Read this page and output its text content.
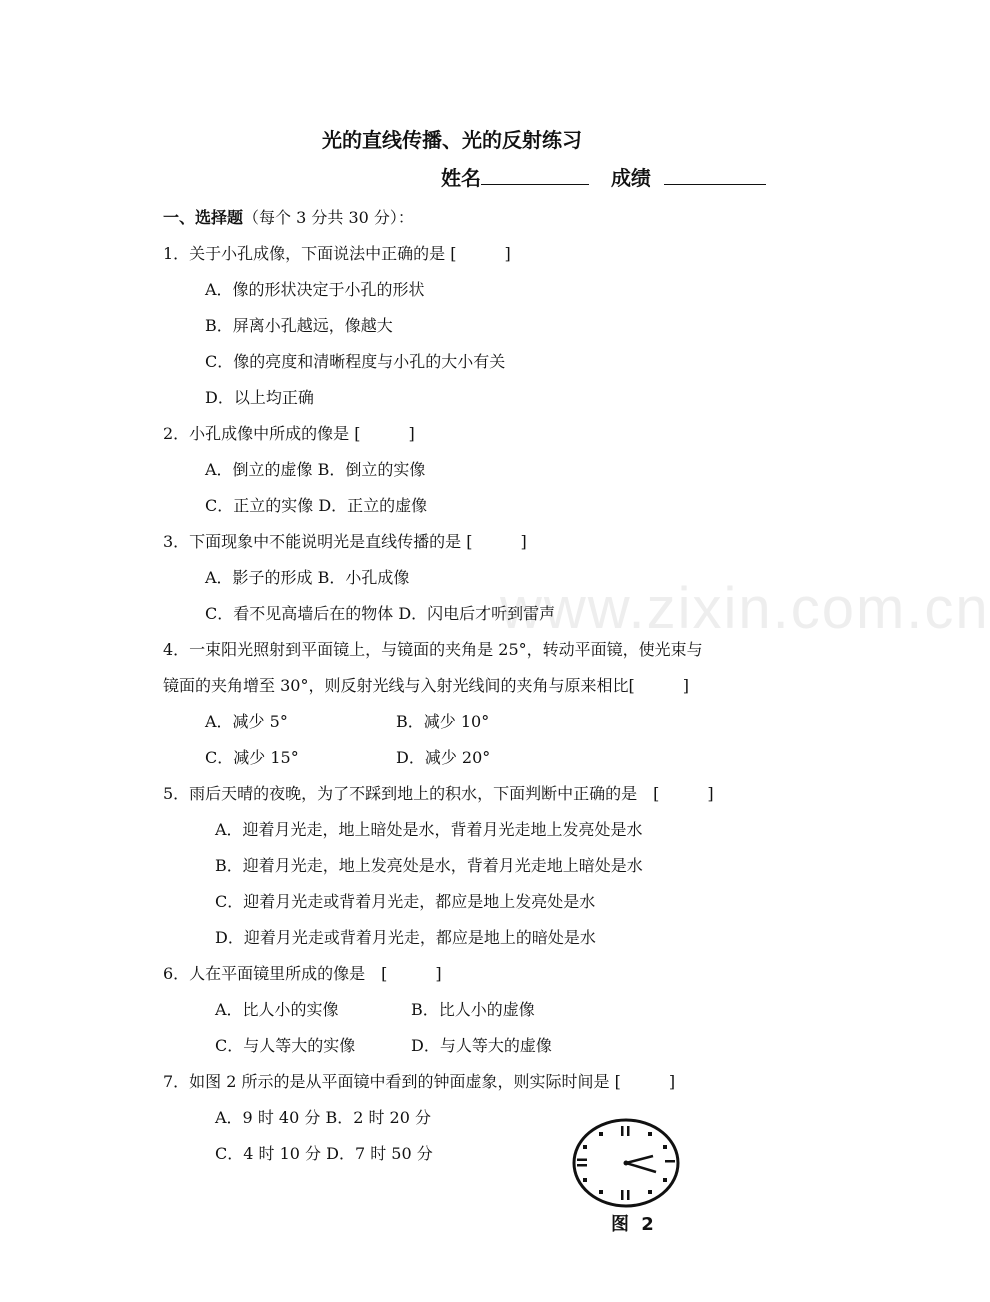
www.zixin.com.cn
光的直线传播、光的反射练习
姓名	成绩
一、选择题（每个 3 分共 30 分）：
1．关于小孔成像，下面说法中正确的是 [　　　]
A．像的形状决定于小孔的形状
B．屏离小孔越远，像越大
C．像的亮度和清晰程度与小孔的大小有关
D．以上均正确
2．小孔成像中所成的像是 [　　　]
A．倒立的虚像 B．倒立的实像
C．正立的实像 D．正立的虚像
3．下面现象中不能说明光是直线传播的是 [　　　]
A．影子的形成 B．小孔成像
C．看不见高墙后在的物体 D．闪电后才听到雷声
4．一束阳光照射到平面镜上，与镜面的夹角是 25°，转动平面镜，使光束与
镜面的夹角增至 30°，则反射光线与入射光线间的夹角与原来相比[　　　]
A．减少 5°	B．减少 10°
C．减少 15°	D．减少 20°
5．雨后天晴的夜晚，为了不踩到地上的积水，下面判断中正确的是　[　　　]
A．迎着月光走，地上暗处是水，背着月光走地上发亮处是水
B．迎着月光走，地上发亮处是水，背着月光走地上暗处是水
C．迎着月光走或背着月光走，都应是地上发亮处是水
D．迎着月光走或背着月光走，都应是地上的暗处是水
6．人在平面镜里所成的像是　[　　　]
A．比人小的实像	B．比人小的虚像
C．与人等大的实像	D．与人等大的虚像
7．如图 2 所示的是从平面镜中看到的钟面虚象，则实际时间是 [　　　]
A．9 时 40 分 B．2 时 20 分
C．4 时 10 分 D．7 时 50 分
图 2
